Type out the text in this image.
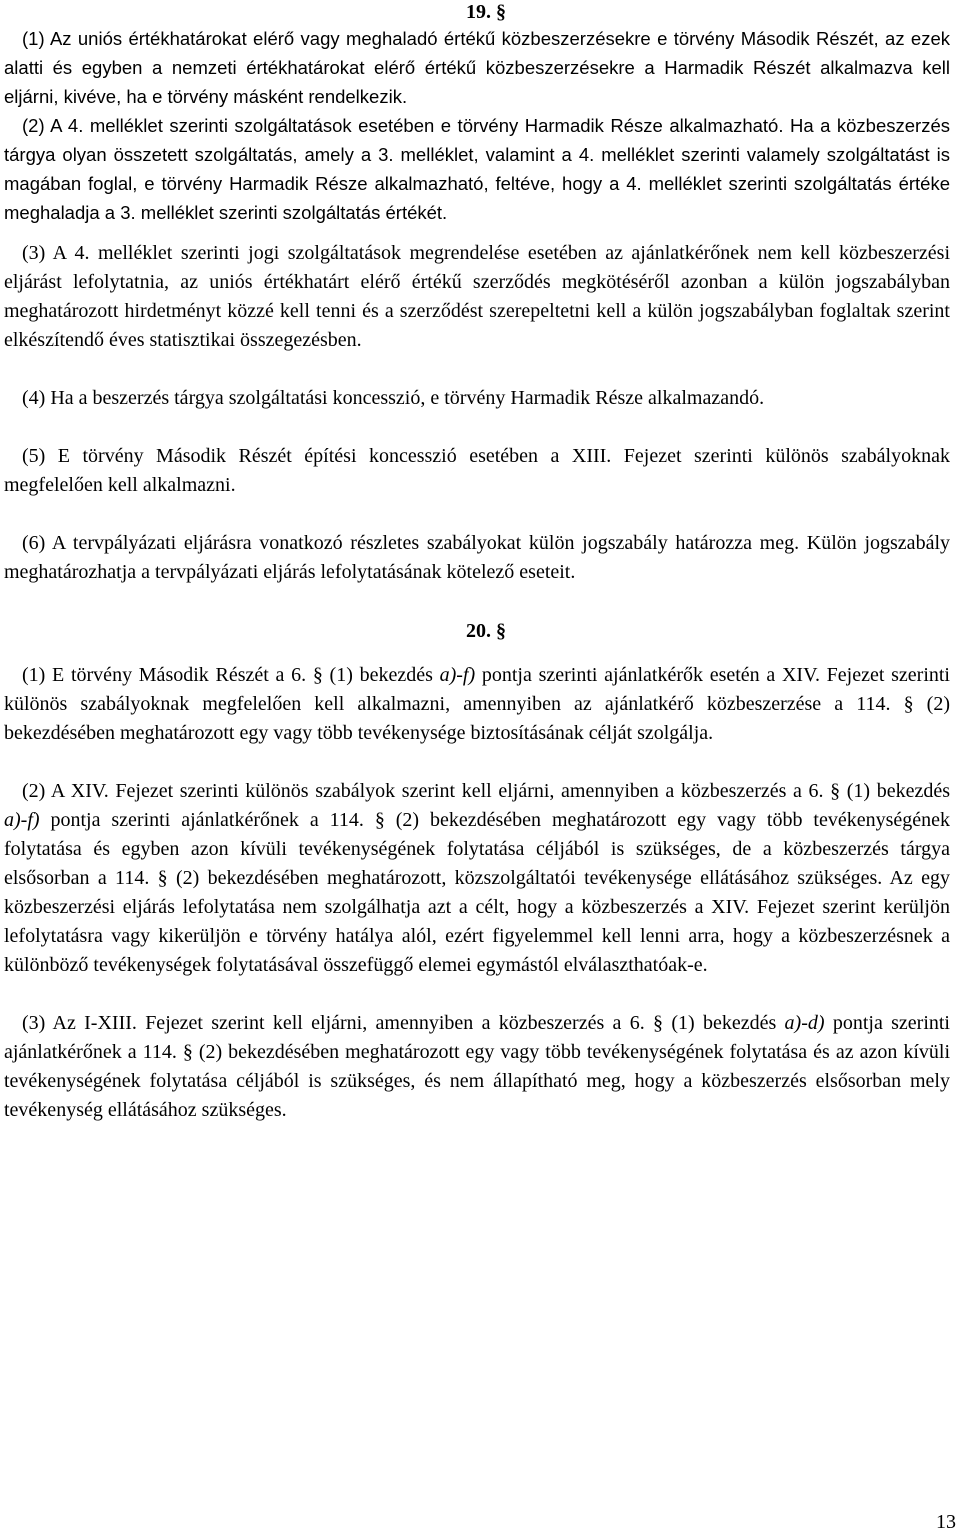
19. §

(1) Az uniós értékhatárokat elérő vagy meghaladó értékű közbeszerzésekre e törvény Második Részét, az ezek alatti és egyben a nemzeti értékhatárokat elérő értékű közbeszerzésekre a Harmadik Részét alkalmazva kell eljárni, kivéve, ha e törvény másként rendelkezik.

(2) A 4. melléklet szerinti szolgáltatások esetében e törvény Harmadik Része alkalmazható. Ha a közbeszerzés tárgya olyan összetett szolgáltatás, amely a 3. melléklet, valamint a 4. melléklet szerinti valamely szolgáltatást is magában foglal, e törvény Harmadik Része alkalmazható, feltéve, hogy a 4. melléklet szerinti szolgáltatás értéke meghaladja a 3. melléklet szerinti szolgáltatás értékét.

(3) A 4. melléklet szerinti jogi szolgáltatások megrendelése esetében az ajánlatkérőnek nem kell közbeszerzési eljárást lefolytatnia, az uniós értékhatárt elérő értékű szerződés megkötéséről azonban a külön jogszabályban meghatározott hirdetményt közzé kell tenni és a szerződést szerepeltetni kell a külön jogszabályban foglaltak szerint elkészítendő éves statisztikai összegezésben.

(4) Ha a beszerzés tárgya szolgáltatási koncesszió, e törvény Harmadik Része alkalmazandó.

(5) E törvény Második Részét építési koncesszió esetében a XIII. Fejezet szerinti különös szabályoknak megfelelően kell alkalmazni.

(6) A tervpályázati eljárásra vonatkozó részletes szabályokat külön jogszabály határozza meg. Külön jogszabály meghatározhatja a tervpályázati eljárás lefolytatásának kötelező eseteit.

20. §

(1) E törvény Második Részét a 6. § (1) bekezdés a)-f) pontja szerinti ajánlatkérők esetén a XIV. Fejezet szerinti különös szabályoknak megfelelően kell alkalmazni, amennyiben az ajánlatkérő közbeszerzése a 114. § (2) bekezdésében meghatározott egy vagy több tevékenysége biztosításának célját szolgálja.

(2) A XIV. Fejezet szerinti különös szabályok szerint kell eljárni, amennyiben a közbeszerzés a 6. § (1) bekezdés a)-f) pontja szerinti ajánlatkérőnek a 114. § (2) bekezdésében meghatározott egy vagy több tevékenységének folytatása és egyben azon kívüli tevékenységének folytatása céljából is szükséges, de a közbeszerzés tárgya elsősorban a 114. § (2) bekezdésében meghatározott, közszolgáltatói tevékenysége ellátásához szükséges. Az egy közbeszerzési eljárás lefolytatása nem szolgálhatja azt a célt, hogy a közbeszerzés a XIV. Fejezet szerint kerüljön lefolytatásra vagy kikerüljön e törvény hatálya alól, ezért figyelemmel kell lenni arra, hogy a közbeszerzésnek a különböző tevékenységek folytatásával összefüggő elemei egymástól elválaszthatóak-e.

(3) Az I-XIII. Fejezet szerint kell eljárni, amennyiben a közbeszerzés a 6. § (1) bekezdés a)-d) pontja szerinti ajánlatkérőnek a 114. § (2) bekezdésében meghatározott egy vagy több tevékenységének folytatása és az azon kívüli tevékenységének folytatása céljából is szükséges, és nem állapítható meg, hogy a közbeszerzés elsősorban mely tevékenység ellátásához szükséges.

13
